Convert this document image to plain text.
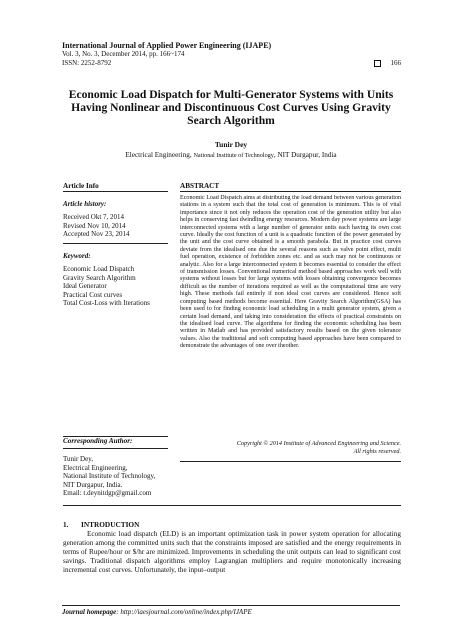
International Journal of Applied Power Engineering (IJAPE)
Vol. 3, No. 3, December 2014, pp. 166~174
ISSN: 2252-8792	166
Economic Load Dispatch for Multi-Generator Systems with Units Having Nonlinear and Discontinuous Cost Curves Using Gravity Search Algorithm
Tunir Dey
Electrical Engineering, National Institute of Technology, NIT Durgapur, India
Article Info
Article history:
Received Okt 7, 2014
Revised Nov 10, 2014
Accepted Nov 23, 2014
Keyword:
Economic Load Dispatch
Gravity Search Algorithm
Ideal Generator
Practical Cost curves
Total Cost-Loss with Iterations
ABSTRACT
Economic Load Dispatch aims at distributing the load demand between various generation stations in a system such that the total cost of generation is minimum. This is of vital importance since it not only reduces the operation cost of the generation utility but also helps in conserving fast dwindling energy resources. Modern day power systems are large interconnected systems with a large number of generator units each having its own cost curve. Ideally the cost function of a unit is a quadratic function of the power generated by the unit and the cost curve obtained is a smooth parabola. But in practice cost curves deviate from the idealised one due the several reasons such as valve point effect, multi fuel operation, existence of forbidden zones etc. and as such may not be continuous or analytic. Also for a large interconnected system it becomes essential to consider the effect of transmission losses. Conventional numerical method based approaches work well with systems without losses but for large systems with losses obtaining convergence becomes difficult as the number of iterations required as well as the computational time are very high. These methods fail entirely if non ideal cost curves are considered. Hence soft computing based methods become essential. Here Gravity Search Algorithm(GSA) has been used to for finding economic load scheduling in a multi generator system, given a certain load demand, and taking into consideration the effects of practical constraints on the idealised load curve. The algorithms for finding the economic scheduling has been written in Matlab and has provided satisfactory results based on the given tolerance values. Also the traditional and soft computing based approaches have been compared to demonstrate the advantages of one over theother.
Copyright © 2014 Institute of Advanced Engineering and Science.
All rights reserved.
Corresponding Author:
Tunir Dey,
Electrical Engineering,
National Institute of Technology,
NIT Durgapur, India.
Email: t.deynitdgp@gmail.com
1. INTRODUCTION
Economic load dispatch (ELD) is an important optimization task in power system operation for allocating generation among the committed units such that the constraints imposed are satisfied and the energy requirements in terms of Rupee/hour or $/hr are minimized. Improvements in scheduling the unit outputs can lead to significant cost savings. Traditional dispatch algorithms employ Lagrangian multipliers and require monotonically increasing incremental cost curves. Unfortunately, the input–output
Journal homepage: http://iaesjournal.com/online/index.php/IJAPE
